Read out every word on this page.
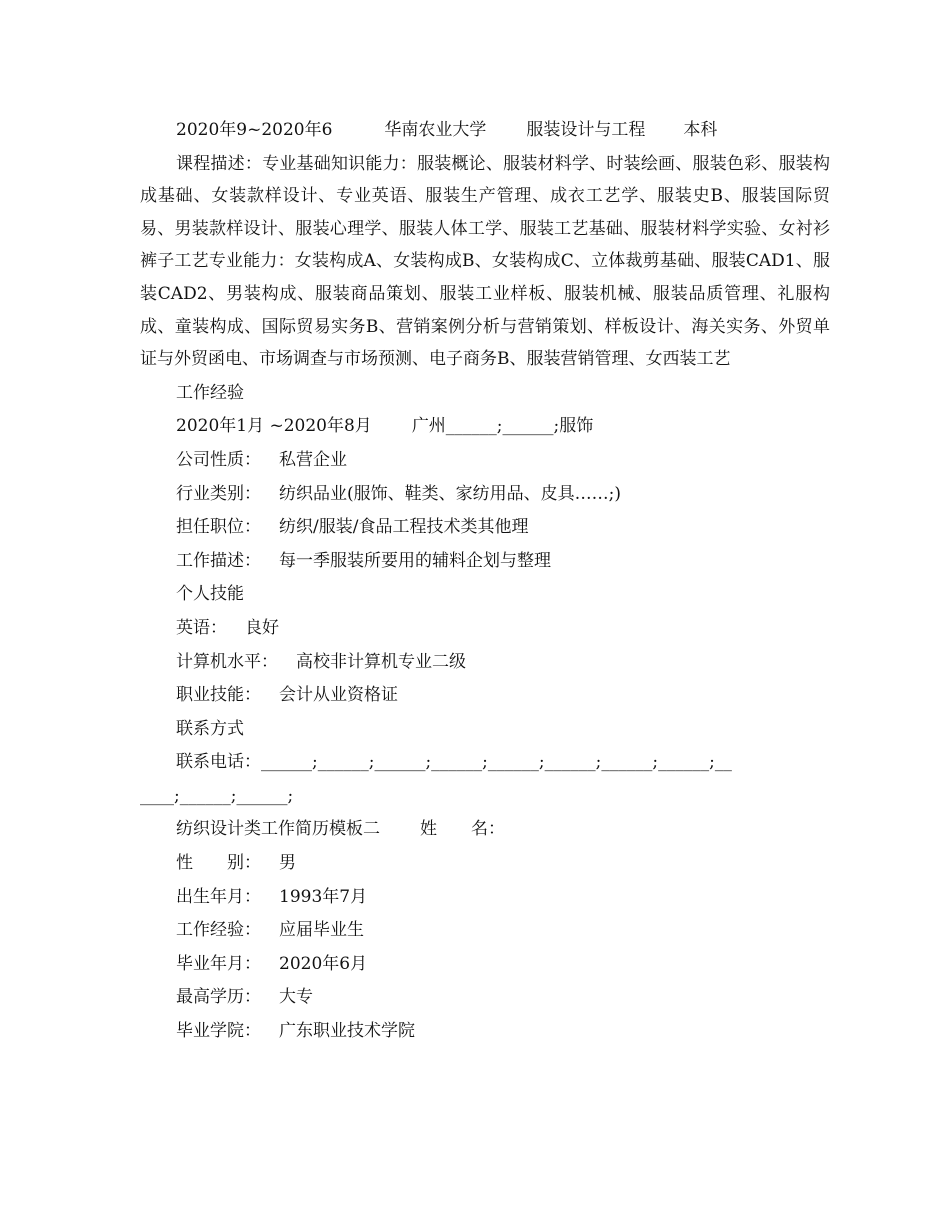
2020年9~2020年6	华南农业大学 服装设计与工程 本科
课程描述：专业基础知识能力：服装概论、服装材料学、时装绘画、服装色彩、服装构成基础、女装款样设计、专业英语、服装生产管理、成衣工艺学、服装史B、服装国际贸易、男装款样设计、服装心理学、服装人体工学、服装工艺基础、服装材料学实验、女衬衫裤子工艺专业能力：女装构成A、女装构成B、女装构成C、立体裁剪基础、服装CAD1、服装CAD2、男装构成、服装商品策划、服装工业样板、服装机械、服装品质管理、礼服构成、童装构成、国际贸易实务B、营销案例分析与营销策划、样板设计、海关实务、外贸单证与外贸函电、市场调查与市场预测、电子商务B、服装营销管理、女西装工艺
工作经验
2020年1月 ~2020年8月 广州______;______;服饰
公司性质： 私营企业
行业类别： 纺织品业(服饰、鞋类、家纺用品、皮具……;)
担任职位： 纺织/服装/食品工程技术类其他理
工作描述： 每一季服装所要用的辅料企划与整理
个人技能
英语： 良好
计算机水平： 高校非计算机专业二级
职业技能： 会计从业资格证
联系方式
联系电话：______;______;______;______;______;______;______;______;__
____;______;______;
纺织设计类工作简历模板二 姓　　名：
性　　别： 男
出生年月： 1993年7月
工作经验： 应届毕业生
毕业年月： 2020年6月
最高学历： 大专
毕业学院： 广东职业技术学院
